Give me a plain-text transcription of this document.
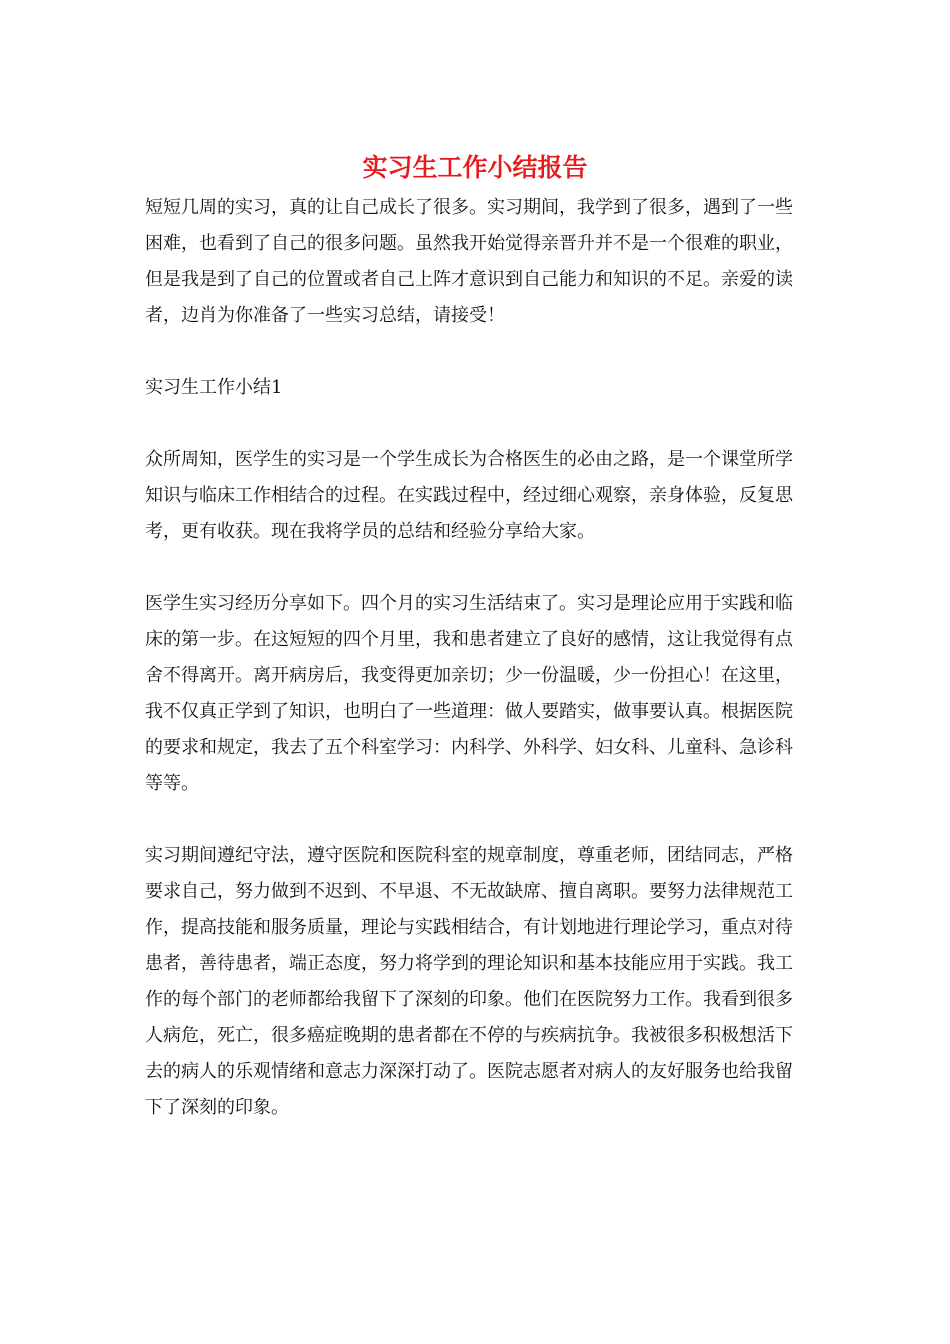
实习生工作小结报告

短短几周的实习，真的让自己成长了很多。实习期间，我学到了很多，遇到了一些困难，也看到了自己的很多问题。虽然我开始觉得亲晋升并不是一个很难的职业，但是我是到了自己的位置或者自己上阵才意识到自己能力和知识的不足。亲爱的读者，边肖为你准备了一些实习总结，请接受！

实习生工作小结1

众所周知，医学生的实习是一个学生成长为合格医生的必由之路，是一个课堂所学知识与临床工作相结合的过程。在实践过程中，经过细心观察，亲身体验，反复思考，更有收获。现在我将学员的总结和经验分享给大家。

医学生实习经历分享如下。四个月的实习生活结束了。实习是理论应用于实践和临床的第一步。在这短短的四个月里，我和患者建立了良好的感情，这让我觉得有点舍不得离开。离开病房后，我变得更加亲切；少一份温暖，少一份担心！在这里，我不仅真正学到了知识，也明白了一些道理：做人要踏实，做事要认真。根据医院的要求和规定，我去了五个科室学习：内科学、外科学、妇女科、儿童科、急诊科等等。

实习期间遵纪守法，遵守医院和医院科室的规章制度，尊重老师，团结同志，严格要求自己，努力做到不迟到、不早退、不无故缺席、擅自离职。要努力法律规范工作，提高技能和服务质量，理论与实践相结合，有计划地进行理论学习，重点对待患者，善待患者，端正态度，努力将学到的理论知识和基本技能应用于实践。我工作的每个部门的老师都给我留下了深刻的印象。他们在医院努力工作。我看到很多人病危，死亡，很多癌症晚期的患者都在不停的与疾病抗争。我被很多积极想活下去的病人的乐观情绪和意志力深深打动了。医院志愿者对病人的友好服务也给我留下了深刻的印象。
